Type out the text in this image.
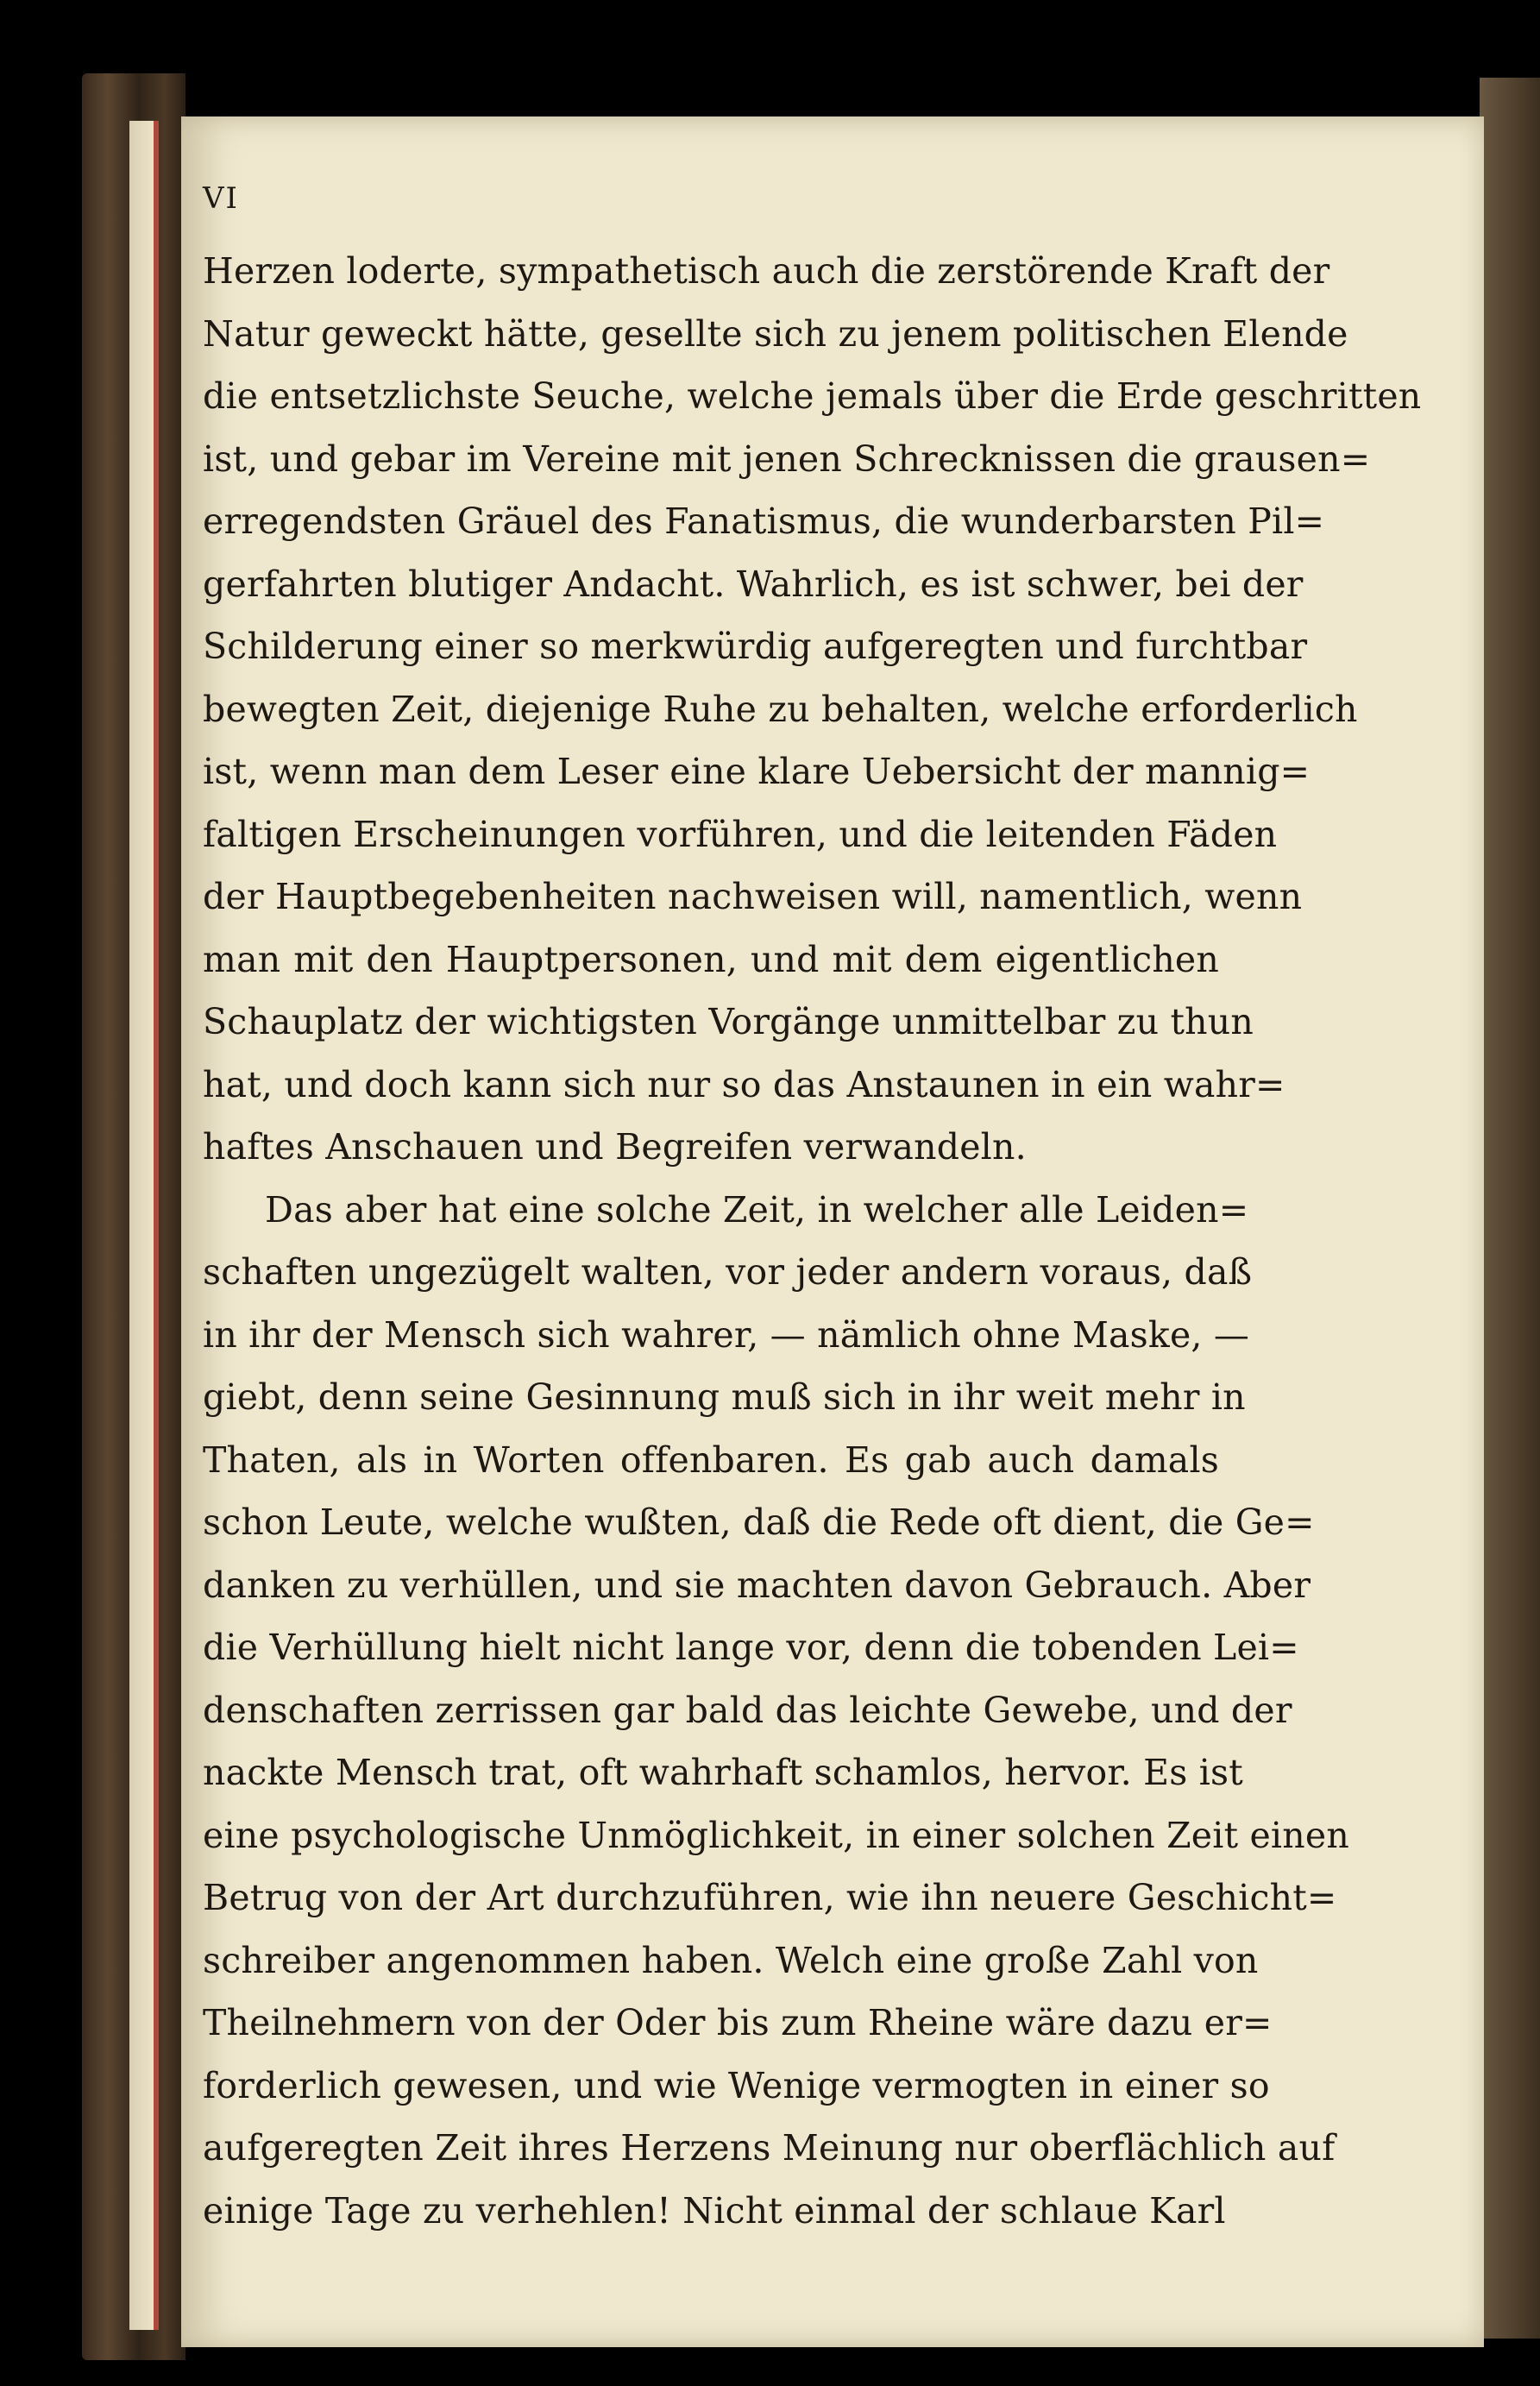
VI
Herzen loderte, sympathetisch auch die zerstörende Kraft der
Natur geweckt hätte, gesellte sich zu jenem politischen Elende
die entsetzlichste Seuche, welche jemals über die Erde geschritten
ist, und gebar im Vereine mit jenen Schrecknissen die grausen=
erregendsten Gräuel des Fanatismus, die wunderbarsten Pil=
gerfahrten blutiger Andacht. Wahrlich, es ist schwer, bei der
Schilderung einer so merkwürdig aufgeregten und furchtbar
bewegten Zeit, diejenige Ruhe zu behalten, welche erforderlich
ist, wenn man dem Leser eine klare Uebersicht der mannig=
faltigen Erscheinungen vorführen, und die leitenden Fäden
der Hauptbegebenheiten nachweisen will, namentlich, wenn
man mit den Hauptpersonen, und mit dem eigentlichen
Schauplatz der wichtigsten Vorgänge unmittelbar zu thun
hat, und doch kann sich nur so das Anstaunen in ein wahr=
haftes Anschauen und Begreifen verwandeln.
Das aber hat eine solche Zeit, in welcher alle Leiden=
schaften ungezügelt walten, vor jeder andern voraus, daß
in ihr der Mensch sich wahrer, — nämlich ohne Maske, —
giebt, denn seine Gesinnung muß sich in ihr weit mehr in
Thaten, als in Worten offenbaren. Es gab auch damals
schon Leute, welche wußten, daß die Rede oft dient, die Ge=
danken zu verhüllen, und sie machten davon Gebrauch. Aber
die Verhüllung hielt nicht lange vor, denn die tobenden Lei=
denschaften zerrissen gar bald das leichte Gewebe, und der
nackte Mensch trat, oft wahrhaft schamlos, hervor. Es ist
eine psychologische Unmöglichkeit, in einer solchen Zeit einen
Betrug von der Art durchzuführen, wie ihn neuere Geschicht=
schreiber angenommen haben. Welch eine große Zahl von
Theilnehmern von der Oder bis zum Rheine wäre dazu er=
forderlich gewesen, und wie Wenige vermogten in einer so
aufgeregten Zeit ihres Herzens Meinung nur oberflächlich auf
einige Tage zu verhehlen! Nicht einmal der schlaue Karl
